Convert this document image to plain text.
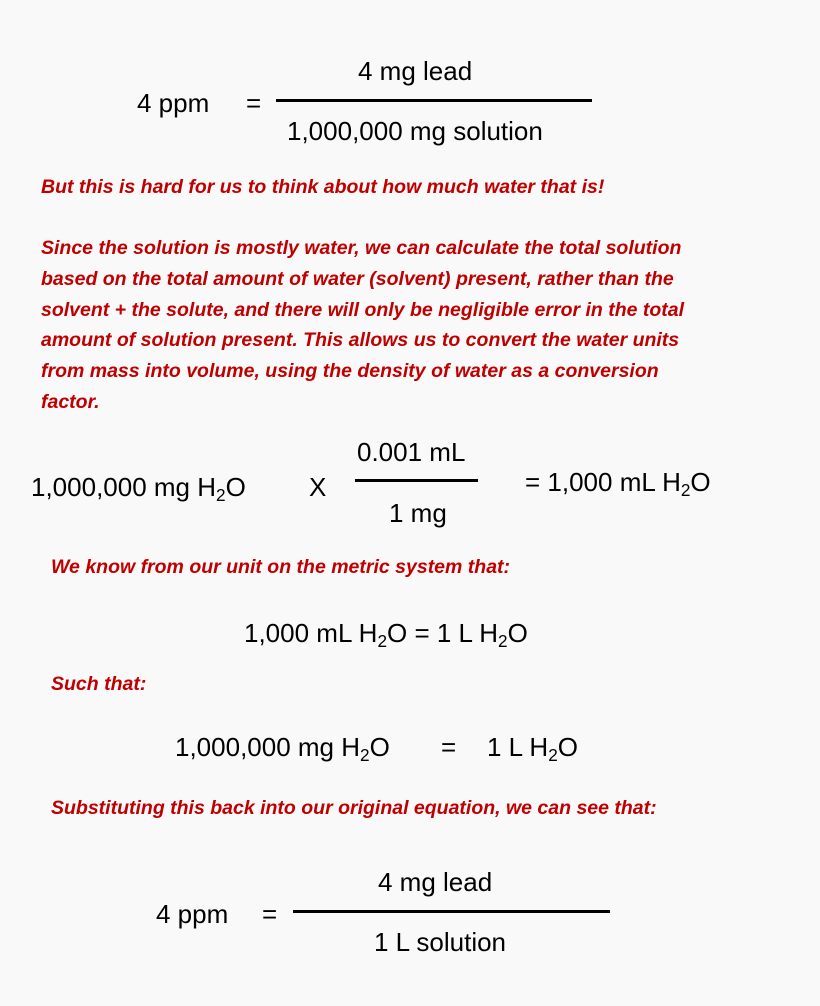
4 ppm =
4 mg lead
1,000,000 mg solution
But this is hard for us to think about how much water that is!
Since the solution is mostly water, we can calculate the total solution
based on the total amount of water (solvent) present, rather than the
solvent + the solute, and there will only be negligible error in the total
amount of solution present. This allows us to convert the water units
from mass into volume, using the density of water as a conversion
factor.
1,000,000 mg $H_2O$ X
0.001 mL
1 mg
= 1,000 mL $H_2O$
We know from our unit on the metric system that:
1,000 mL $H_2O = 1$ L $H_2O$
Such that:
1,000,000 mg $H_2O = 1$ L $H_2O$
Substituting this back into our original equation, we can see that:
4 ppm =
4 mg lead
1 L solution
